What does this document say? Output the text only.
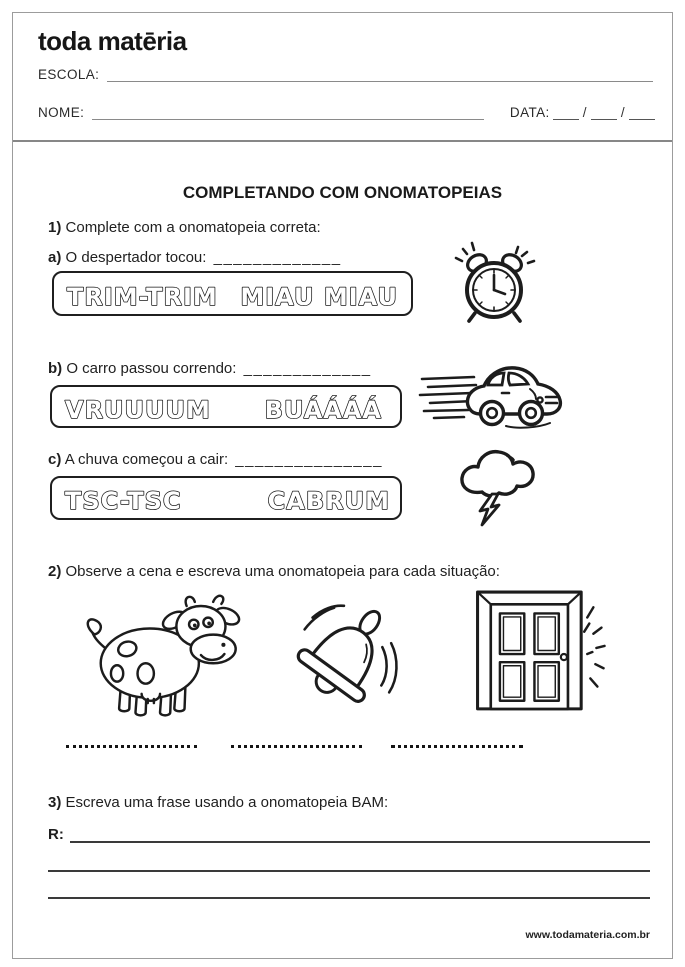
toda matēria
ESCOLA:
NOME:	DATA: /	/
COMPLETANDO COM ONOMATOPEIAS
1) Complete com a onomatopeia correta:
a) O despertador tocou: _____________
TRIM-TRIM MIAU MIAU
b) O carro passou correndo: _____________
VRUUUUM BUÁÁÁÁ
c) A chuva começou a cair: _______________
TSC-TSC	CABRUM
2) Observe a cena e escreva uma onomatopeia para cada situação:
3) Escreva uma frase usando a onomatopeia BAM:
R:
www.todamateria.com.br
